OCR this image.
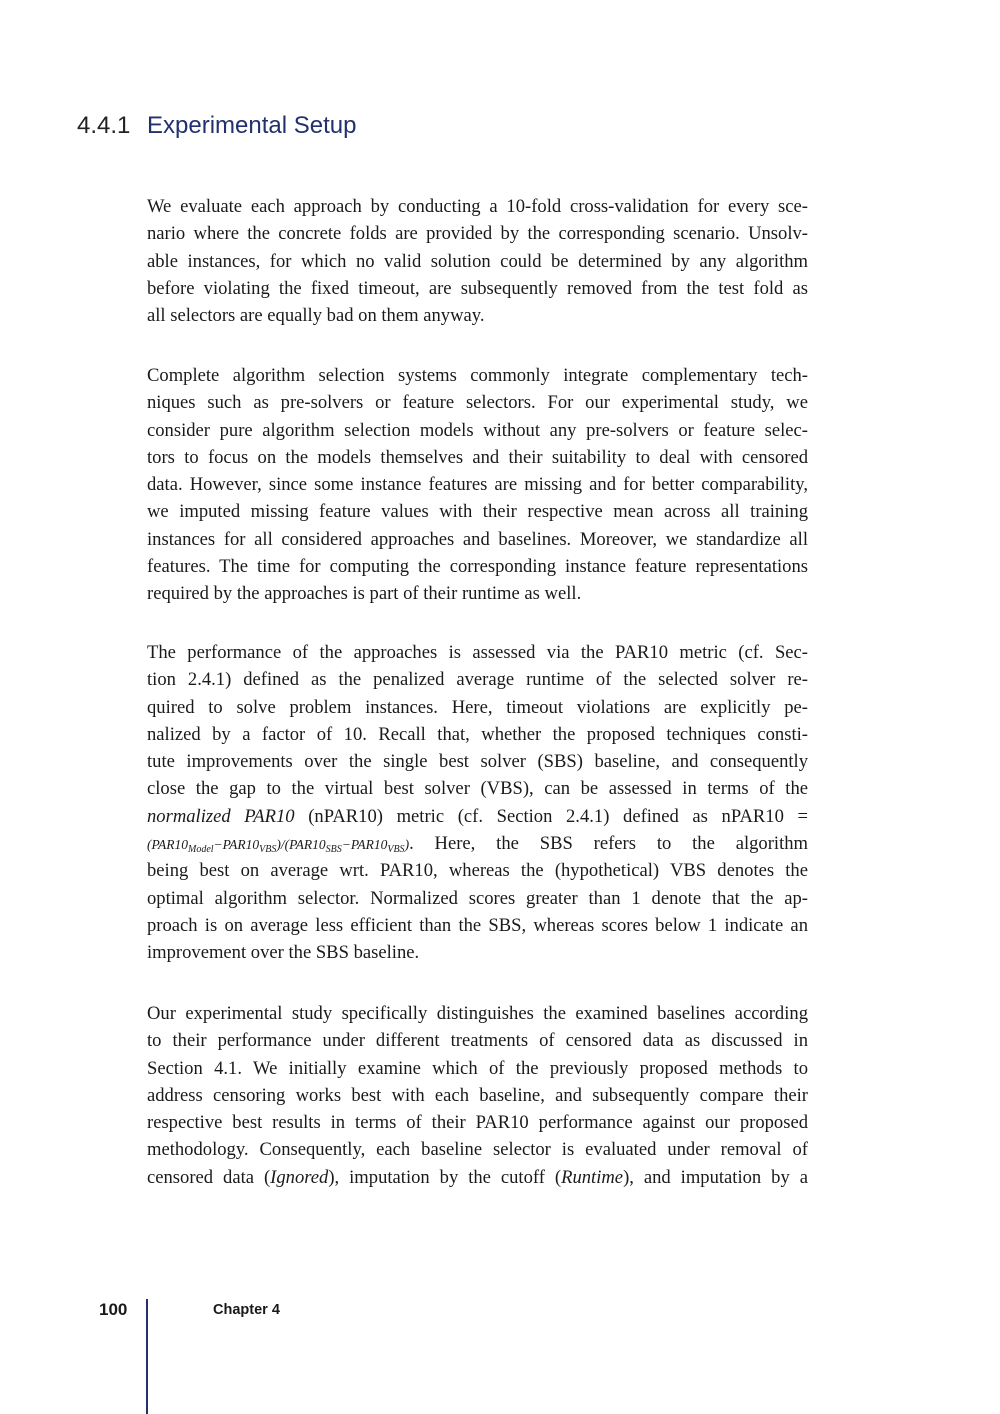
4.4.1 Experimental Setup
We evaluate each approach by conducting a 10-fold cross-validation for every sce-
nario where the concrete folds are provided by the corresponding scenario. Unsolv-
able instances, for which no valid solution could be determined by any algorithm
before violating the fixed timeout, are subsequently removed from the test fold as
all selectors are equally bad on them anyway.
Complete algorithm selection systems commonly integrate complementary tech-
niques such as pre-solvers or feature selectors. For our experimental study, we
consider pure algorithm selection models without any pre-solvers or feature selec-
tors to focus on the models themselves and their suitability to deal with censored
data. However, since some instance features are missing and for better comparability,
we imputed missing feature values with their respective mean across all training
instances for all considered approaches and baselines. Moreover, we standardize all
features. The time for computing the corresponding instance feature representations
required by the approaches is part of their runtime as well.
The performance of the approaches is assessed via the PAR10 metric (cf. Sec-
tion 2.4.1) defined as the penalized average runtime of the selected solver re-
quired to solve problem instances. Here, timeout violations are explicitly pe-
nalized by a factor of 10. Recall that, whether the proposed techniques consti-
tute improvements over the single best solver (SBS) baseline, and consequently
close the gap to the virtual best solver (VBS), can be assessed in terms of the
normalized PAR10 (nPAR10) metric (cf. Section 2.4.1) defined as nPAR10 =
$(PAR10_{Model}-PAR10_{VBS})/(PAR10_{SBS}-PAR10_{VBS})$. Here, the SBS refers to the algorithm
being best on average wrt. PAR10, whereas the (hypothetical) VBS denotes the
optimal algorithm selector. Normalized scores greater than 1 denote that the ap-
proach is on average less efficient than the SBS, whereas scores below 1 indicate an
improvement over the SBS baseline.
Our experimental study specifically distinguishes the examined baselines according
to their performance under different treatments of censored data as discussed in
Section 4.1. We initially examine which of the previously proposed methods to
address censoring works best with each baseline, and subsequently compare their
respective best results in terms of their PAR10 performance against our proposed
methodology. Consequently, each baseline selector is evaluated under removal of
censored data (Ignored), imputation by the cutoff (Runtime), and imputation by a
100	Chapter 4
